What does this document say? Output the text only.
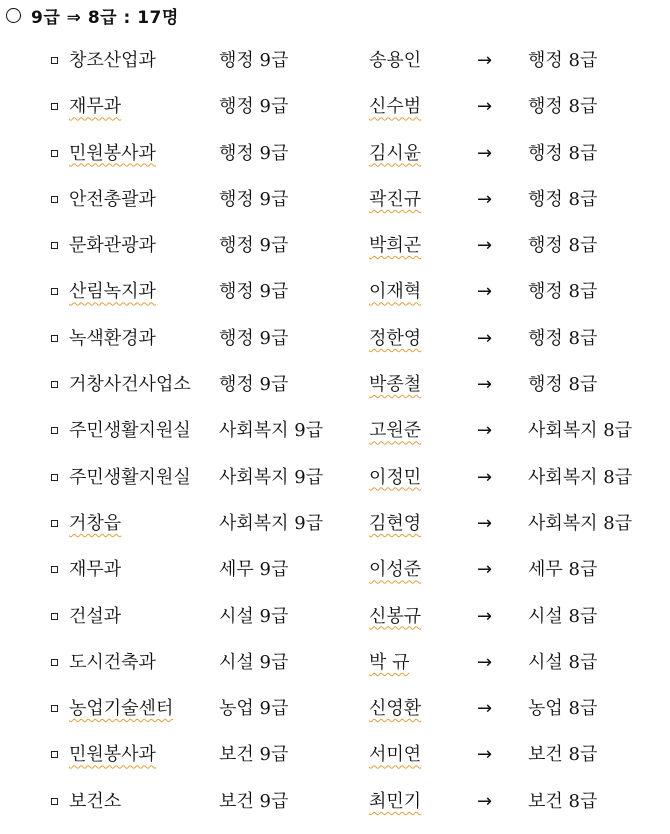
9급 ⇒ 8급 : 17명
창조산업과	행정 9급	송용인	→ 행정 8급
재무과	행정 9급	신수범	→ 행정 8급
민원봉사과	행정 9급	김시윤	→ 행정 8급
안전총괄과	행정 9급	곽진규	→ 행정 8급
문화관광과	행정 9급	박희곤	→ 행정 8급
산림녹지과	행정 9급	이재혁	→ 행정 8급
녹색환경과	행정 9급	정한영	→ 행정 8급
거창사건사업소 행정 9급	박종철	→ 행정 8급
주민생활지원실 사회복지 9급	고원준	→ 사회복지 8급
주민생활지원실 사회복지 9급	이정민	→ 사회복지 8급
거창읍	사회복지 9급	김현영	→ 사회복지 8급
재무과	세무 9급	이성준	→ 세무 8급
건설과	시설 9급	신봉규	→ 시설 8급
도시건축과	시설 9급	박 규	→ 시설 8급
농업기술센터	농업 9급	신영환	→ 농업 8급
민원봉사과	보건 9급	서미연	→ 보건 8급
보건소	보건 9급	최민기	→ 보건 8급
